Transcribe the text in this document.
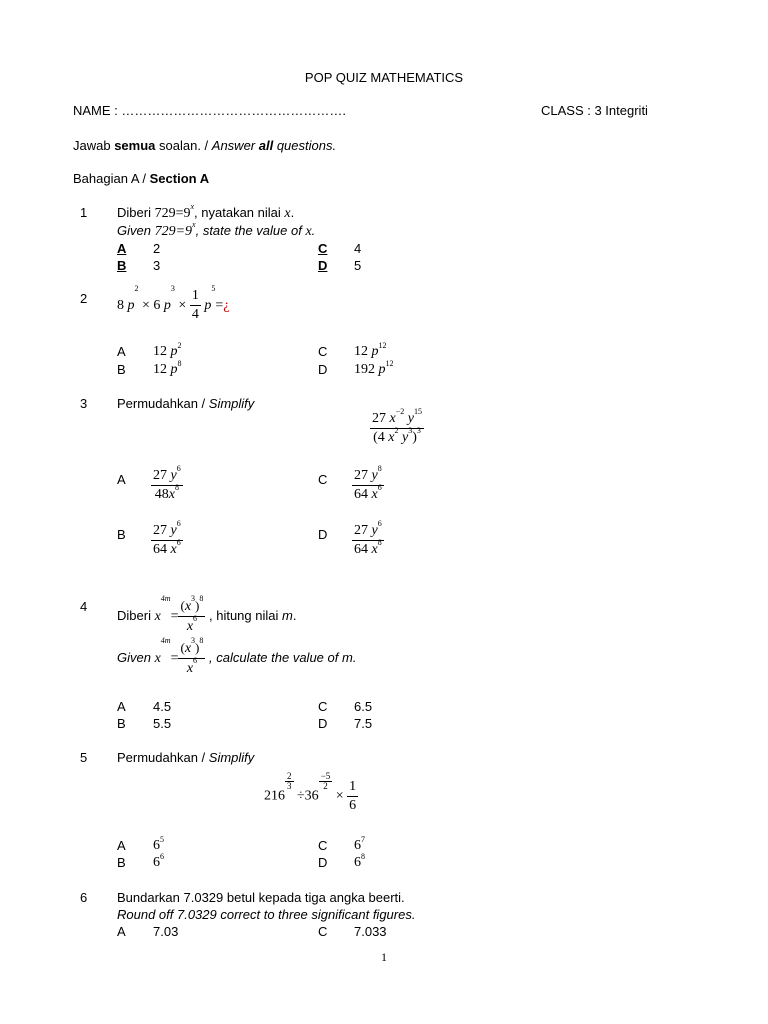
POP QUIZ MATHEMATICS
NAME : …………………………………………….	CLASS : 3 Integriti
Jawab semua soalan. / Answer all questions.
Bahagian A / Section A
1 Diberi $729=9^x$, nyatakan nilai x.
Given $729=9^x$, state the value of x.
A 2
B 3
C 4
D 5
2 8 $p^2 \times 6$ $p^3 \times \frac{1}{4}$ $p^5=¿$
A 12 $p^2$
B 12 $p^8$
C 12 $p^{12}$
D 192 $p^{12}$
3 Permudahkan / Simplify
$\frac{27 x^{-2} y^{15}}{(4 x^2 y^3)^3}$
A $\frac{27 y^6}{48x^8}$	C $\frac{27 y^8}{64 x^6}$
B $\frac{27 y^6}{64 x^6}$	D $\frac{27 y^6}{64 x^8}$
4
Diberi $x^{4m}= \frac{(x^3)^8}{x^6}$ , hitung nilai m.
Given $x^{4m}= \frac{(x^3)^8}{x^6}$ , calculate the value of m.
A 4.5
B 5.5
C 6.5
D 7.5
5 Permudahkan / Simplify
216
$\frac{2}{3}$
÷36
$\frac{-5}{2}$
× $\frac{1}{6}$
A $6^5$
B $6^6$
C $6^7$
D $6^8$
6 Bundarkan 7.0329 betul kepada tiga angka beerti.
Round off 7.0329 correct to three significant figures.
A 7.03	C 7.033
1
